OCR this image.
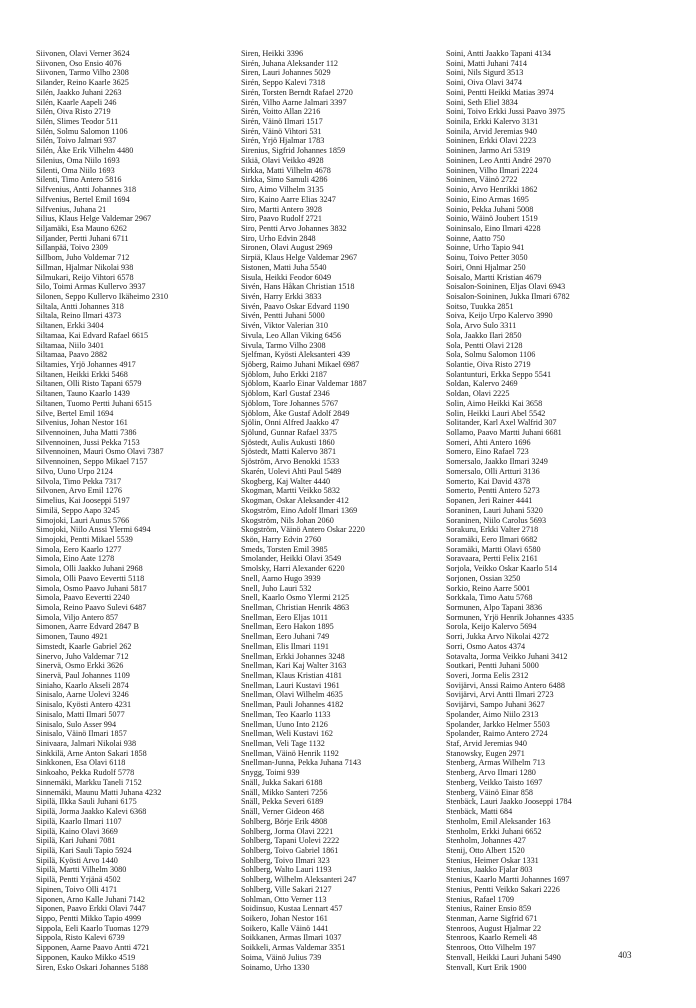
Siivonen, Olavi Verner 3624
Siivonen, Oso Ensio 4076
Siivonen, Tarmo Vilho 2308
Silander, Reino Kaarle 3625
Silén, Jaakko Juhani 2263
Silén, Kaarle Aapeli 246
Silén, Oiva Risto 2719
Silén, Slimes Teodor 511
Silén, Solmu Salomon 1106
Silén, Toivo Jalmari 937
Silén, Åke Erik Vilhelm 4480
Silenius, Oma Niilo 1693
Silenti, Oma Niilo 1693
Silenti, Timo Antero 5816
Silfvenius, Antti Johannes 318
Silfvenius, Bertel Emil 1694
Silfvenius, Juhana 21
Silius, Klaus Helge Valdemar 2967
Siljamäki, Esa Mauno 6262
Siljander, Pertti Juhani 6711
Sillanpää, Toivo 2309
Sillbom, Juho Voldemar 712
Sillman, Hjalmar Nikolai 938
Silmukari, Reijo Vihtori 6578
Silo, Toimi Armas Kullervo 3937
Silonen, Seppo Kullervo Ikäheimo 2310
Siltala, Antti Johannes 318
Siltala, Reino Ilmari 4373
Siltanen, Erkki 3404
Siltamaa, Kai Edvard Rafael 6615
Siltamaa, Niilo 3401
Siltamaa, Paavo 2882
Siltamies, Yrjö Johannes 4917
Siltanen, Heikki Erkki 5468
Siltanen, Olli Risto Tapani 6579
Siltanen, Tauno Kaarlo 1439
Siltanen, Tuomo Pertti Juhani 6515
Silve, Bertel Emil 1694
Silvenius, Johan Nestor 161
Silvennoinen, Juha Matti 7386
Silvennoinen, Jussi Pekka 7153
Silvennoinen, Mauri Osmo Olavi 7387
Silvennoinen, Seppo Mikael 7157
Silvo, Uuno Urpo 2124
Silvola, Timo Pekka 7317
Silvonen, Arvo Emil 1276
Simelius, Kai Jooseppi 5197
Similä, Seppo Aapo 3245
Simojoki, Lauri Aunus 5766
Simojoki, Niilo Anssi Ylermi 6494
Simojoki, Pentti Mikael 5539
Simola, Eero Kaarlo 1277
Simola, Eino Aate 1278
Simola, Olli Jaakko Juhani 2968
Simola, Olli Paavo Eevertti 5118
Simola, Osmo Paavo Juhani 5817
Simola, Paavo Eevertti 2240
Simola, Reino Paavo Sulevi 6487
Simola, Viljo Antero 857
Simonen, Aarre Edvard 2847 B
Simonen, Tauno 4921
Simstedt, Kaarle Gabriel 262
Sinervo, Juho Valdemar 712
Sinervä, Osmo Erkki 3626
Sinervä, Paul Johannes 1109
Siniaho, Kaarlo Akseli 2874
Sinisalo, Aarne Uolevi 3246
Sinisalo, Kyösti Antero 4231
Sinisalo, Matti Ilmari 5077
Sinisalo, Sulo Asser 994
Sinisalo, Väinö Ilmari 1857
Sinivaara, Jalmari Nikolai 938
Sinkkilä, Arne Anton Sakari 1858
Sinkkonen, Esa Olavi 6118
Sinkoaho, Pekka Rudolf 5778
Sinnemäki, Markku Taneli 7152
Sinnemäki, Maunu Matti Juhana 4232
Sipilä, Ilkka Sauli Juhani 6175
Sipilä, Jorma Jaakko Kalevi 6368
Sipilä, Kaarlo Ilmari 1107
Sipilä, Kaino Olavi 3669
Sipilä, Kari Juhani 7081
Sipilä, Kari Sauli Tapio 5924
Sipilä, Kyösti Arvo 1440
Sipilä, Martti Vilhelm 3080
Sipilä, Pentti Yrjänä 4502
Sipinen, Toivo Olli 4171
Siponen, Arno Kalle Juhani 7142
Siponen, Paavo Erkki Olavi 7447
Sippo, Pentti Mikko Tapio 4999
Sippola, Eeli Kaarlo Tuomas 1279
Sippola, Risto Kalevi 6739
Sipponen, Aarne Paavo Antti 4721
Sipponen, Kauko Mikko 4519
Siren, Esko Oskari Johannes 5188
Siren, Heikki 3396
Sirén, Juhana Aleksander 112
Siren, Lauri Johannes 5029
Sirén, Seppo Kalevi 7318
Sirén, Torsten Berndt Rafael 2720
Sirén, Vilho Aarne Jalmari 3397
Sirén, Voitto Allan 2216
Sirén, Väinö Ilmari 1517
Sirén, Väinö Vihtori 531
Sirén, Yrjö Hjalmar 1783
Sirenius, Sigfrid Johannes 1859
Sikiä, Olavi Veikko 4928
Sirkka, Matti Vilhelm 4678
Sirkka, Simo Samuli 4286
Siro, Aimo Vilhelm 3135
Siro, Kaino Aarre Elias 3247
Siro, Martti Antero 3928
Siro, Paavo Rudolf 2721
Siro, Pentti Arvo Johannes 3832
Siro, Urho Edvin 2848
Sironen, Olavi August 2969
Sirpiä, Klaus Helge Valdemar 2967
Sistonen, Matti Juha 5540
Sisula, Heikki Feodor 6049
Sivén, Hans Håkan Christian 1518
Sivén, Harry Erkki 3833
Sivén, Paavo Oskar Edvard 1190
Sivén, Pentti Juhani 5000
Sivén, Viktor Valerian 310
Sivula, Leo Allan Viking 6456
Sivula, Tarmo Vilho 2308
Sjelfman, Kyösti Aleksanteri 439
Sjöberg, Raimo Juhani Mikael 6987
Sjöblom, Juho Erkki 2187
Sjöblom, Kaarlo Einar Valdemar 1887
Sjöblom, Karl Gustaf 2346
Sjöblom, Tore Johannes 5767
Sjöblom, Åke Gustaf Adolf 2849
Sjölin, Onni Alfred Jaakko 47
Sjölund, Gunnar Rafael 3375
Sjöstedt, Aulis Aukusti 1860
Sjöstedt, Matti Kalervo 3871
Sjöström, Arvo Benokki 1533
Skarén, Uolevi Ahti Paul 5489
Skogberg, Kaj Walter 4440
Skogman, Martti Veikko 5832
Skogman, Oskar Aleksander 412
Skogström, Eino Adolf Ilmari 1369
Skogström, Nils Johan 2060
Skogström, Väinö Antero Oskar 2220
Skön, Harry Edvin 2760
Smeds, Torsten Emil 3985
Smolander, Heikki Olavi 3549
Smolsky, Harri Alexander 6220
Snell, Aarno Hugo 3939
Snell, Juho Lauri 532
Snell, Kaarlo Osmo Ylermi 2125
Snellman, Christian Henrik 4863
Snellman, Eero Eljas 1011
Snellman, Eero Hakon 1895
Snellman, Eero Juhani 749
Snellman, Elis Ilmari 1191
Snellman, Erkki Johannes 3248
Snellman, Kari Kaj Walter 3163
Snellman, Klaus Kristian 4181
Snellman, Lauri Kustavi 1961
Snellman, Olavi Wilhelm 4635
Snellman, Pauli Johannes 4182
Snellman, Teo Kaarlo 1133
Snellman, Uuno Into 2126
Snellman, Weli Kustavi 162
Snellman, Veli Tage 1132
Snellman, Väinö Henrik 1192
Snellman-Junna, Pekka Juhana 7143
Snygg, Toimi 939
Snäll, Jukka Sakari 6188
Snäll, Mikko Santeri 7256
Snäll, Pekka Severi 6189
Snäll, Verner Gideon 468
Sohlberg, Börje Erik 4808
Sohlberg, Jorma Olavi 2221
Sohlberg, Tapani Uolevi 2222
Sohlberg, Toivo Gabriel 1861
Sohlberg, Toivo Ilmari 323
Sohlberg, Walto Lauri 1193
Sohlberg, Wilhelm Aleksanteri 247
Sohlberg, Ville Sakari 2127
Sohlman, Otto Verner 113
Soidinsuo, Kustaa Lennart 457
Soikero, Johan Nestor 161
Soikero, Kalle Väinö 1441
Soikkanen, Armas Ilmari 1037
Soikkeli, Armas Valdemar 3351
Soima, Väinö Julius 739
Soinamo, Urho 1330
Soini, Antti Jaakko Tapani 4134
Soini, Matti Juhani 7414
Soini, Nils Sigurd 3513
Soini, Oiva Olavi 3474
Soini, Pentti Heikki Matias 3974
Soini, Seth Eliel 3834
Soini, Toivo Erkki Jussi Paavo 3975
Soinila, Erkki Kalervo 3131
Soinila, Arvid Jeremias 940
Soininen, Erkki Olavi 2223
Soininen, Jarmo Ari 5319
Soininen, Leo Antti André 2970
Soininen, Vilho Ilmari 2224
Soininen, Väinö 2722
Soinio, Arvo Henrikki 1862
Soinio, Eino Armas 1695
Soinio, Pekka Juhani 5008
Soinio, Wäinö Joubert 1519
Soininsalo, Eino Ilmari 4228
Soinne, Aatto 750
Soinne, Urho Tapio 941
Soinu, Toivo Petter 3050
Soiri, Onni Hjalmar 250
Soisalo, Martti Kristian 4679
Soisalon-Soininen, Eljas Olavi 6943
Soisalon-Soininen, Jukka Ilmari 6782
Soitso, Tuukka 2851
Soiva, Keijo Urpo Kalervo 3990
Sola, Arvo Sulo 3311
Sola, Jaakko Ilari 2850
Sola, Pentti Olavi 2128
Sola, Solmu Salomon 1106
Solantie, Oiva Risto 2719
Solantunturi, Erkka Seppo 5541
Soldan, Kalervo 2469
Soldan, Olavi 2225
Solin, Aimo Heikki Kai 3658
Solin, Heikki Lauri Abel 5542
Solitander, Karl Axel Walfrid 307
Sollamo, Paavo Martti Juhani 6681
Someri, Ahti Antero 1696
Somero, Eino Rafael 723
Somersalo, Jaakko Ilmari 3249
Somersalo, Olli Artturi 3136
Somerto, Kai David 4378
Somerto, Pentti Antero 5273
Sopanen, Jeri Rainer 4441
Soraninen, Lauri Juhani 5320
Soraninen, Niilo Carolus 5693
Sorakuru, Erkki Valter 2718
Soramäki, Eero Ilmari 6682
Soramäki, Martti Olavi 6580
Soravaara, Pertti Felix 2161
Sorjola, Veikko Oskar Kaarlo 514
Sorjonen, Ossian 3250
Sorkio, Reino Aarre 5001
Sorkkala, Timo Aatu 5768
Sormunen, Alpo Tapani 3836
Sormunen, Yrjö Henrik Johannes 4335
Sorola, Keijo Kalervo 5694
Sorri, Jukka Arvo Nikolai 4272
Sorri, Osmo Aatos 4374
Sotavalta, Jorma Veikko Juhani 3412
Soutkari, Pentti Juhani 5000
Soveri, Jorma Eelis 2312
Sovijärvi, Anssi Raimo Antero 6488
Sovijärvi, Arvi Antti Ilmari 2723
Sovijärvi, Sampo Juhani 3627
Spolander, Aimo Niilo 2313
Spolander, Jarkko Helmer 5503
Spolander, Raimo Antero 2724
Staf, Arvid Jeremias 940
Stanowsky, Eugen 2971
Stenberg, Armas Wilhelm 713
Stenberg, Arvo Ilmari 1280
Stenberg, Veikko Taisto 1697
Stenberg, Väinö Einar 858
Stenbäck, Lauri Jaakko Jooseppi 1784
Stenbäck, Matti 684
Stenholm, Emil Aleksander 163
Stenholm, Erkki Juhani 6652
Stenholm, Johannes 427
Stenij, Otto Albert 1520
Stenius, Heimer Oskar 1331
Stenius, Jaakko Fjalar 803
Stenius, Kaarlo Martti Johannes 1697
Stenius, Pentti Veikko Sakari 2226
Stenius, Rafael 1709
Stenius, Rainer Ensio 859
Stenman, Aarne Sigfrid 671
Stenroos, August Hjalmar 22
Stenroos, Kaarlo Remeli 48
Stenroos, Otto Vilhelm 197
Stenvall, Heikki Lauri Juhani 5490
Stenvall, Kurt Erik 1900
403
